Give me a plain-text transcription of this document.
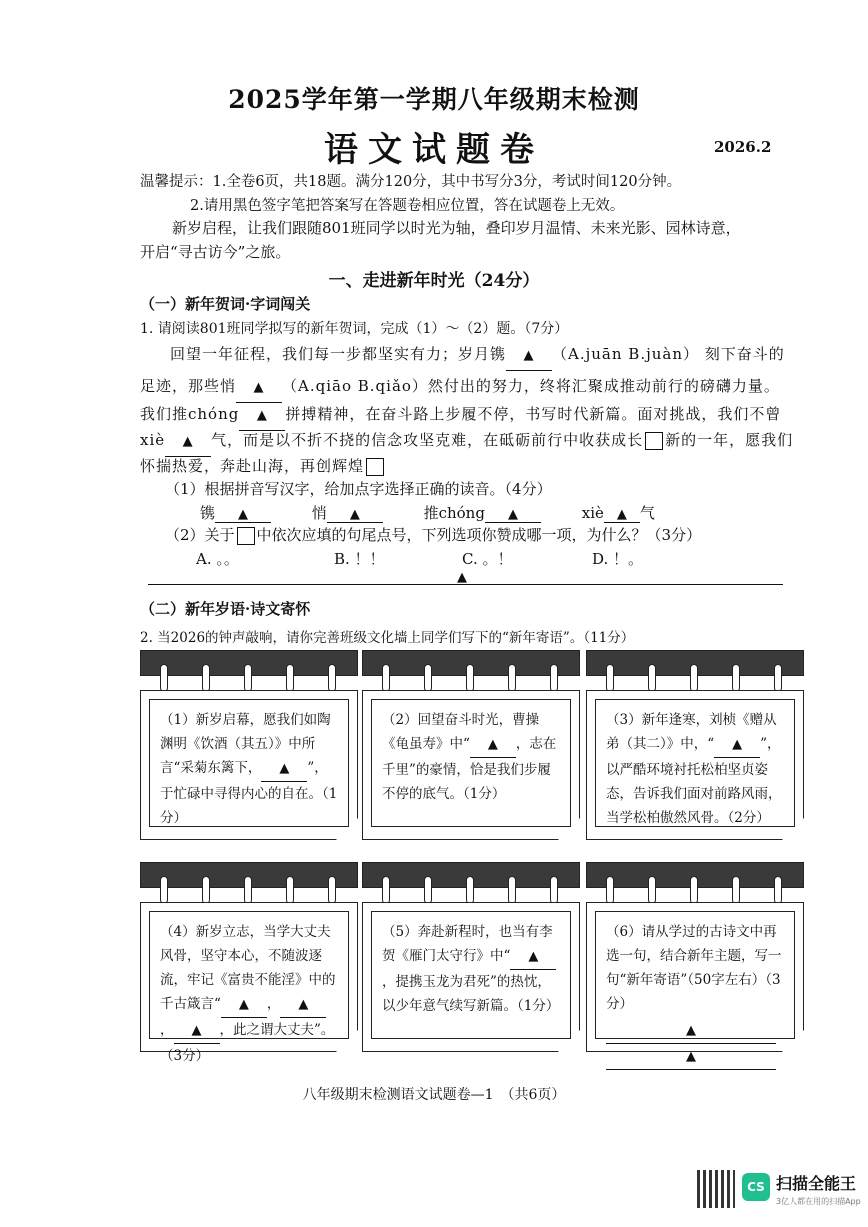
2025学年第一学期八年级期末检测
语文试题卷	2026.2
温馨提示：1.全卷6页，共18题。满分120分，其中书写分3分，考试时间120分钟。
2.请用黑色签字笔把答案写在答题卷相应位置，答在试题卷上无效。
新岁启程，让我们跟随801班同学以时光为轴，叠印岁月温情、未来光影、园林诗意，
开启“寻古访今”之旅。
一、走进新年时光（24分）
（一）新年贺词·字词闯关
1. 请阅读801班同学拟写的新年贺词，完成（1）～（2）题。（7分）
回望一年征程，我们每一步都坚实有力；岁月镌 ▲ （A.juān B.juàn） 刻下奋斗的
足迹，那些悄 ▲ （A.qiāo B.qiǎo）然付出的努力，终将汇聚成推动前行的磅礴力量。
我们推chóng ▲ 拼搏精神，在奋斗路上步履不停，书写时代新篇。面对挑战，我们不曾
xiè ▲ 气，而是以不折不挠的信念攻坚克难，在砥砺前行中收获成长 新的一年，愿我们
怀揣热爱，奔赴山海，再创辉煌
（1）根据拼音写汉字，给加点字选择正确的读音。（4分）
镌 ▲	悄 ▲	推chóng ▲	xiè ▲ 气
（2）关于 中依次应填的句尾点号，下列选项你赞成哪一项，为什么？（3分）
A. 。。	B. ！！	C. 。！	D. ！。
▲
（二）新年岁语·诗文寄怀
2. 当2026的钟声敲响，请你完善班级文化墙上同学们写下的“新年寄语”。（11分）
（1）新岁启幕，愿我们如陶渊明《饮酒（其五）》中所言“采菊东篱下， ▲ ”，于忙碌中寻得内心的自在。（1分）
（2）回望奋斗时光，曹操《龟虽寿》中“ ▲ ，志在千里”的豪情，恰是我们步履不停的底气。（1分）
（3）新年逢寒，刘桢《赠从弟（其二）》中，“ ▲ ”，以严酷环境衬托松柏坚贞姿态，告诉我们面对前路风雨，当学松柏傲然风骨。（2分）
（4）新岁立志，当学大丈夫风骨，坚守本心，不随波逐流，牢记《富贵不能淫》中的千古箴言“ ▲ ， ▲， ▲ ，此之谓大丈夫”。（3分）
（5）奔赴新程时，也当有李贺《雁门太守行》中“ ▲，提携玉龙为君死”的热忱，以少年意气续写新篇。（1分）
（6）请从学过的古诗文中再选一句，结合新年主题，写一句“新年寄语”（50字左右）（3分）
▲
▲
八年级期末检测语文试题卷—1　（共6页）
CS 扫描全能王
3亿人都在用的扫描App
